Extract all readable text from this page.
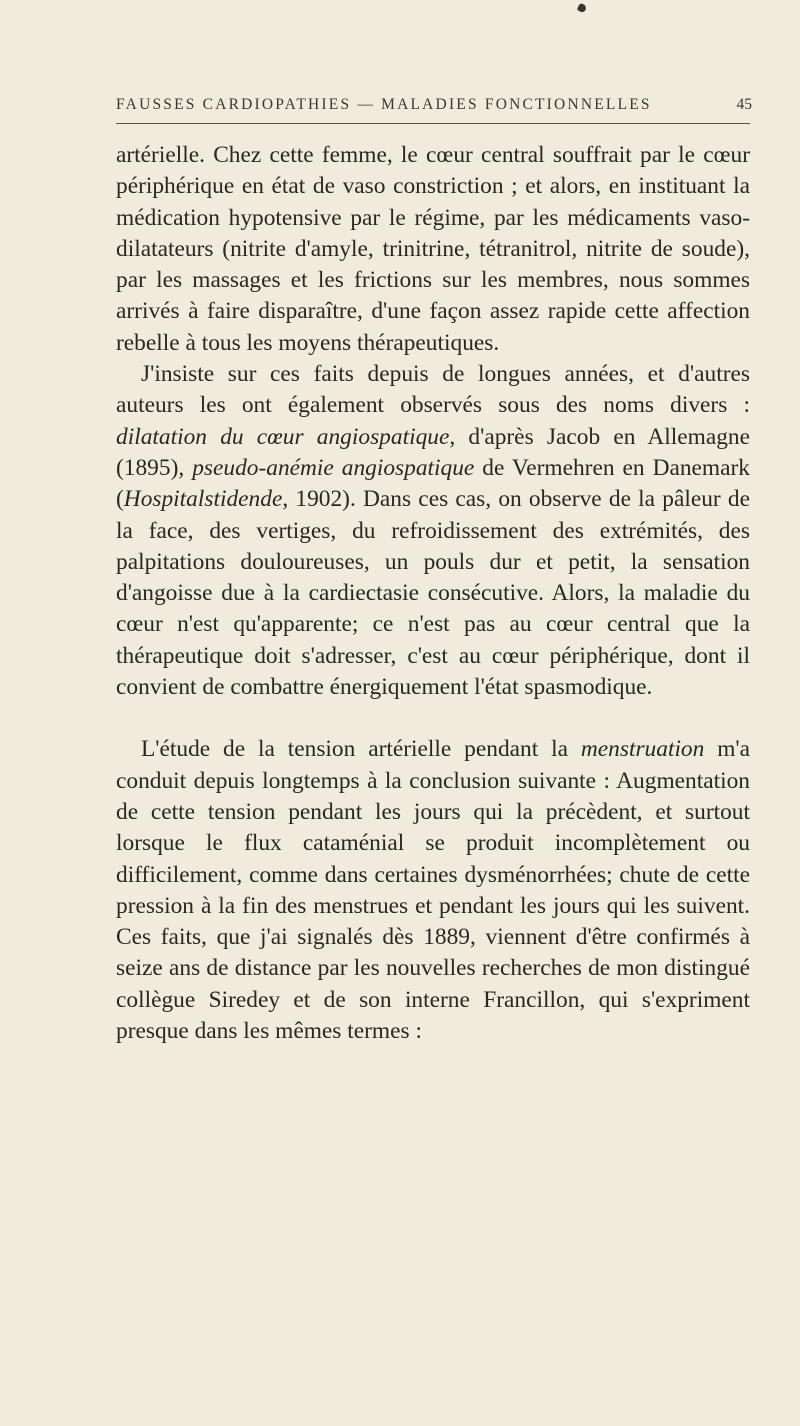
FAUSSES CARDIOPATHIES — MALADIES FONCTIONNELLES	45

artérielle. Chez cette femme, le cœur central souffrait par le cœur périphérique en état de vaso constriction ; et alors, en instituant la médication hypotensive par le régime, par les médicaments vaso-dilatateurs (nitrite d'amyle, trinitrine, tétranitrol, nitrite de soude), par les massages et les frictions sur les membres, nous sommes arrivés à faire disparaître, d'une façon assez rapide cette affection rebelle à tous les moyens thérapeutiques.

J'insiste sur ces faits depuis de longues années, et d'autres auteurs les ont également observés sous des noms divers : dilatation du cœur angiospatique, d'après Jacob en Allemagne (1895), pseudo-anémie angiospatique de Vermehren en Danemark (Hospitalstidende, 1902). Dans ces cas, on observe de la pâleur de la face, des vertiges, du refroidissement des extrémités, des palpitations douloureuses, un pouls dur et petit, la sensation d'angoisse due à la cardiectasie consécutive. Alors, la maladie du cœur n'est qu'apparente; ce n'est pas au cœur central que la thérapeutique doit s'adresser, c'est au cœur périphérique, dont il convient de combattre énergiquement l'état spasmodique.

L'étude de la tension artérielle pendant la menstruation m'a conduit depuis longtemps à la conclusion suivante : Augmentation de cette tension pendant les jours qui la précèdent, et surtout lorsque le flux cataménial se produit incomplètement ou difficilement, comme dans certaines dysménorrhées; chute de cette pression à la fin des menstrues et pendant les jours qui les suivent. Ces faits, que j'ai signalés dès 1889, viennent d'être confirmés à seize ans de distance par les nouvelles recherches de mon distingué collègue Siredey et de son interne Francillon, qui s'expriment presque dans les mêmes termes :
